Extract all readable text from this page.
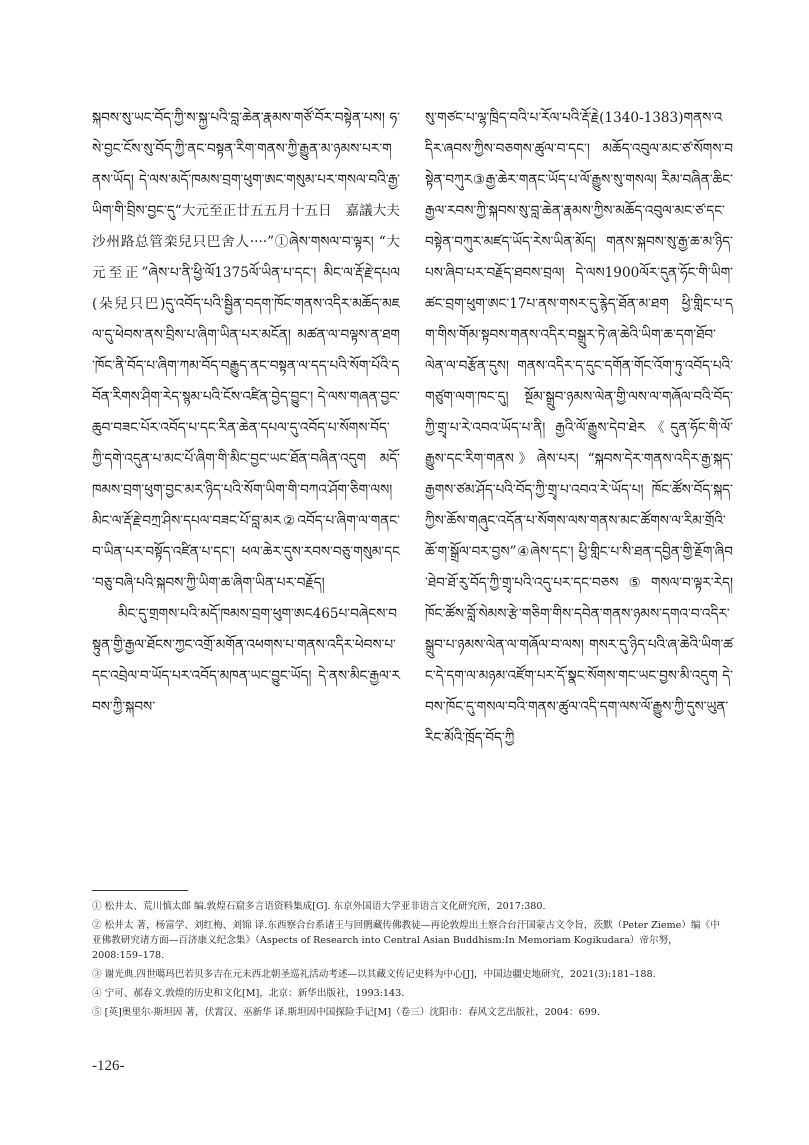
སྐབས་སུ་ཡང་བོད་ཀྱི་ས་སྐྱ་པའི་བླ་ཆེན་རྣམས་གཙོ་བོར་བསྟེན་པས། ཧ་སེ་བྱང་ངོས་སུ་བོད་ཀྱི་ནང་བསྟན་རིག་གནས་ཀྱི་རྒྱུན་མ་ཉམས་པར་གནས་ཡོད། དེ་ལས་མདོ་ཁམས་བྲག་ཕུག་ཨང་གསུམ་པར་གསལ་བའི་རྒྱ་ཡིག་གི་བྲིས་བྱང་དུ“大元至正廿五五月十五日　嘉議大夫沙州路总管栾兒只巴舍人····”①ཞེས་གསལ་བ་ལྟར། “大元至正”ཞེས་པ་ནི་ཕྱི་ལོ1375ལོ་ཡིན་པ་དང་། མིང་ལ་རྡོ་རྗེ་དཔལ(朵兒只巴)དུ་འབོད་པའི་སྦྱིན་བདག་ཁོང་གནས་འདིར་མཆོད་མཇལ་དུ་ཕེབས་ནས་བྲིས་པ་ཞིག་ཡིན་པར་མངོན། མཚན་ལ་བལྟས་ན་ཐག་ཁོང་ནི་བོད་པ་ཞིག་ཀམ་བོད་བརྒྱུད་ནང་བསྟན་ལ་དད་པའི་སོག་པོའི་དབོན་རིགས་ཤིག་རེད་སྙམ་པའི་ངོས་འཛིན་བྱེད་བྱུང་། དེ་ལས་གཞན་བྱང་ཆུབ་བཟང་པོར་འབོད་པ་དང་རིན་ཆེན་དཔལ་དུ་འབོད་པ་སོགས་བོད་ཀྱི་དགེ་འདུན་པ་མང་པོ་ཞིག་གི་མིང་བྱང་ཡང་ཐོན་བཞིན་འདུག མདོ་ཁམས་བྲག་ཕུག་བྱང་མར་ཉིད་པའི་སོག་ཡིག་གི་བཀའ་ཤོག་ཅིག་ལས། མིང་ལ་རྡོ་རྗེ་བཀྲ་ཤིས་དཔལ་བཟང་པོ་བླ་མར②འབོད་པ་ཞིག་ལ་གནང་བ་ཡིན་པར་བསྟོད་འཛིན་པ་དང་། ཕལ་ཆེར་དུས་རབས་བཅུ་གསུམ་དང་བཅུ་བཞི་པའི་སྐབས་ཀྱི་ཡིག་ཆ་ཞིག་ཡིན་པར་བརྗོད།

མིང་དུ་གྲགས་པའི་མདོ་ཁམས་བྲག་ཕུག་ཨང465པ་བཞེངས་བསྟུན་གྱི་རྒྱལ་ཐོངས་ཀྱང་འགྲོ་མགོན་འཕགས་པ་གནས་འདིར་ཕེབས་པ་དང་འབྲེལ་བ་ཡོད་པར་འབོད་མཁན་ཡང་བྱུང་ཡོད། དེ་ནས་མིང་རྒྱལ་རབས་ཀྱི་སྐབས་

སུ་གཙང་པ་ལྷ་ཁྲིད་བའི་པ་རོལ་པའི་རྡོ་རྗེ(1340-1383)གནས་འདིར་ཞབས་ཀྱིས་བཅགས་ཚུལ་བ་དང་། མཆོད་འབུལ་མང་ཙ་སོགས་བསྟེན་བཀུར③རྒྱ་ཆེར་གནང་ཡོད་པ་ལོ་རྒྱུས་སུ་གསལ། རིམ་བཞིན་ཆིང་རྒྱལ་རབས་ཀྱི་སྐབས་སུ་བླ་ཆེན་རྣམས་ཀྱིས་མཆོད་འབུལ་མང་ཙ་དང་བསྟེན་བཀུར་མཛད་ཡོད་རེས་ཡིན་མོད། གནས་སྐབས་སུ་རྒྱ་ཆ་མ་ཉིད་པས་ཞིབ་པར་བརྗོད་ཐབས་བྲལ། དེ་ལས1900ལོར་དུན་ཧོང་གི་ཡིག་ཚང་བྲག་ཕུག་ཨང་17པ་ནས་གསར་དུ་རྙེད་ཐོན་མ་ཐག ཕྱི་གླིང་པ་དག་གིས་གོམ་སྟབས་གནས་འདིར་བསྒྲུར་ཏེ་ཞ་ཆེའི་ཡིག་ཆ་དག་ཐོབ་ལེན་ལ་བརྩོན་དུས། གནས་འདིར་ད་དུང་དགོན་གོང་འོག་ཏུ་འབོད་པའི་གཙུག་ལག་ཁང་དུ། སྔོམ་སྒྲུབ་ཉམས་ལེན་གྱི་ལས་ལ་གཞོལ་བའི་བོད་ཀྱི་གྲྭ་པ་རེ་འབའ་ཡོད་པ་ནི། རྒྱའི་ལོ་རྒྱུས་དེབ་ཐེར《དུན་ཧོང་གི་ལོ་རྒྱུས་དང་རིག་གནས》ཞེས་པར། “སྐབས་དེར་གནས་འདིར་རྒྱ་སྐད་རྒྱགས་ཙམ་ཤོད་པའི་བོད་ཀྱི་གྲྭ་པ་འབའ་རེ་ཡོད་པ། ཁོང་ཚོས་བོད་སྐད་ཀྱིས་ཆོས་གཞུང་འདོན་པ་སོགས་ལས་གནས་མང་ཚོགས་ལ་རིམ་གྲོའི་ཆོ་ག་སྒྲོལ་བར་བྱས”④ཞེས་དང་། ཕྱི་གླིང་པ་སི་ཐན་དབྱིན་གྱི་རྗོག་ཞིབ་ཐེབ་ཐོ་རུ་བོད་ཀྱི་གྲྭ་པའི་འདུ་པར་དང་བཅས⑤གསལ་བ་ལྟར་རེད། ཁོང་ཚོས་བློ་སེམས་རྩེ་གཅིག་གིས་དབེན་གནས་ཉམས་དགའ་བ་འདིར་སྒྲུབ་པ་ཉམས་ལེན་ལ་གཞོལ་བ་ལས། གསར་དུ་ཉིད་པའི་ཞ་ཆེའི་ཡིག་ཚང་དེ་དག་ལ་མཉམ་འཛོག་པར་དོ་སྣང་སོགས་གང་ཡང་བྱས་མི་འདུག དེ་བས་ཁོང་དུ་གསལ་བའི་གནས་ཚུལ་འདི་དག་ལས་ལོ་རྒྱུས་ཀྱི་དུས་ཡུན་རིང་མོའི་ཁྲོད་བོད་ཀྱི

① 松井太、荒川慎太郎 编.敦煌石窟多言语资料集成[G]. 东京外国语大学亚非语言文化研究所，2017:380.

② 松井太 著，杨富学、刘红梅、刘锦 译.东西察合台系诸王与回鹘藏传佛教徒—再论敦煌出土察合台汗国蒙古文令旨，茨默（Peter Zieme）编《中亚佛教研究诸方面—百济康义纪念集》（Aspects of Research into Central Asian Buddhism:In Memoriam Kogikudara）帝尔努，2008:159–178.

③ 谢光典.四世噶玛巴若贝多吉在元末西北朝圣巡礼活动考述—以其藏文传记史料为中心[J]，中国边疆史地研究，2021(3):181–188.

④ 宁可、郝春文.敦煌的历史和文化[M]，北京：新华出版社，1993:143.

⑤ [英]奥里尔·斯坦因 著，伏霄汉、巫新华 译.斯坦因中国探险手记[M]（卷三）沈阳市：春风文艺出版社，2004：699.

-126-
